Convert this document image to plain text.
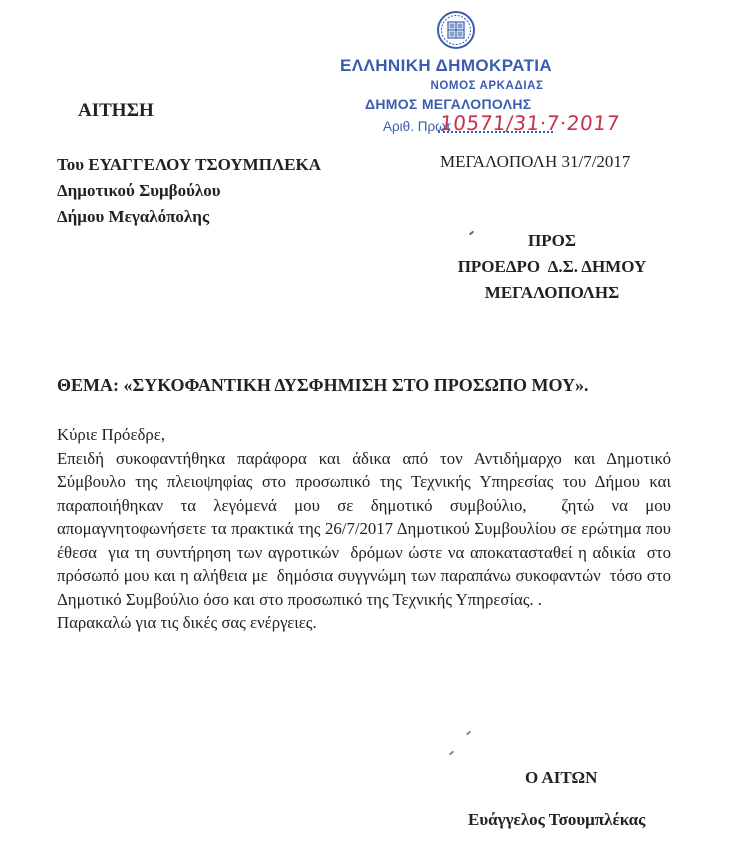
ΕΛΛΗΝΙΚΗ ΔΗΜΟΚΡΑΤΙΑ
ΝΟΜΟΣ ΑΡΚΑΔΙΑΣ
ΔΗΜΟΣ ΜΕΓΑΛΟΠΟΛΗΣ
Αριθ. Πρωτ
10571/31·7·2017
ΑΙΤΗΣΗ
Του ΕΥΑΓΓΕΛΟΥ ΤΣΟΥΜΠΛΕΚΑ
Δημοτικού Συμβούλου
Δήμου Μεγαλόπολης
ΜΕΓΑΛΟΠΟΛΗ 31/7/2017
ΠΡΟΣ
ΠΡΟΕΔΡΟ  Δ.Σ. ΔΗΜΟΥ
ΜΕΓΑΛΟΠΟΛΗΣ
ΘΕΜΑ: «ΣΥΚΟΦΑΝΤΙΚΗ ΔΥΣΦΗΜΙΣΗ ΣΤΟ ΠΡΟΣΩΠΟ ΜΟΥ».

Κύριε Πρόεδρε,

Επειδή συκοφαντήθηκα παράφορα και άδικα από τον Αντιδήμαρχο και Δημοτικό Σύμβουλο της πλειοψηφίας στο προσωπικό της Τεχνικής Υπηρεσίας του Δήμου και παραποιήθηκαν τα λεγόμενά μου σε δημοτικό συμβούλιο,  ζητώ να μου απομαγνητοφωνήσετε τα πρακτικά της 26/7/2017 Δημοτικού Συμβουλίου σε ερώτημα που έθεσα  για τη συντήρηση των αγροτικών  δρόμων ώστε να αποκατασταθεί η αδικία  στο πρόσωπό μου και η αλήθεια με  δημόσια συγγνώμη των παραπάνω συκοφαντών  τόσο στο Δημοτικό Συμβούλιο όσο και στο προσωπικό της Τεχνικής Υπηρεσίας. .

Παρακαλώ για τις δικές σας ενέργειες.

Ο ΑΙΤΩΝ
Ευάγγελος Τσουμπλέκας
